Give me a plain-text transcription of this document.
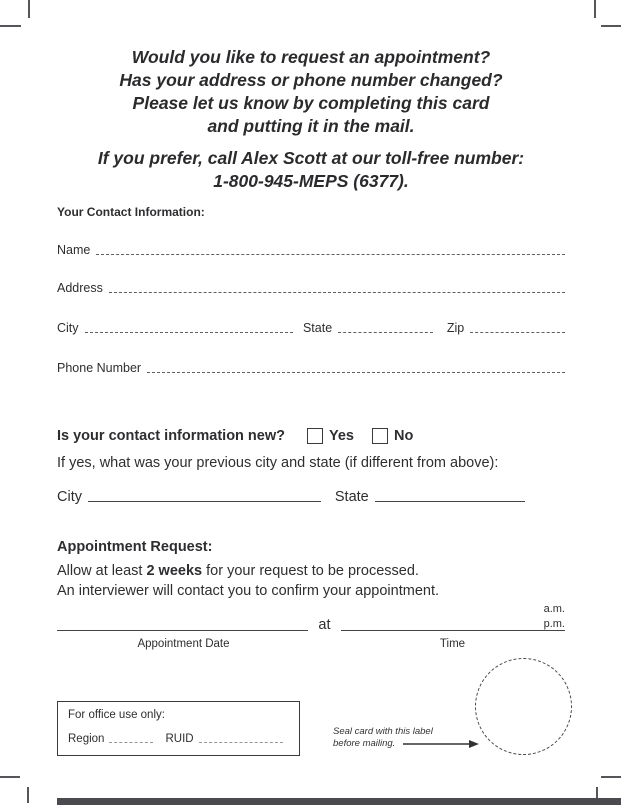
Would you like to request an appointment?
Has your address or phone number changed?
Please let us know by completing this card
and putting it in the mail.
If you prefer, call Alex Scott at our toll-free number:
1-800-945-MEPS (6377).
Your Contact Information:
Name
Address
City	State	Zip
Phone Number
Is your contact information new?	Yes	No
If yes, what was your previous city and state (if different from above):
City	State
Appointment Request:
Allow at least 2 weeks for your request to be processed.
An interviewer will contact you to confirm your appointment.
a.m.
p.m.
at
Appointment Date	Time
For office use only:
Region	RUID
Seal card with this label
before mailing.
